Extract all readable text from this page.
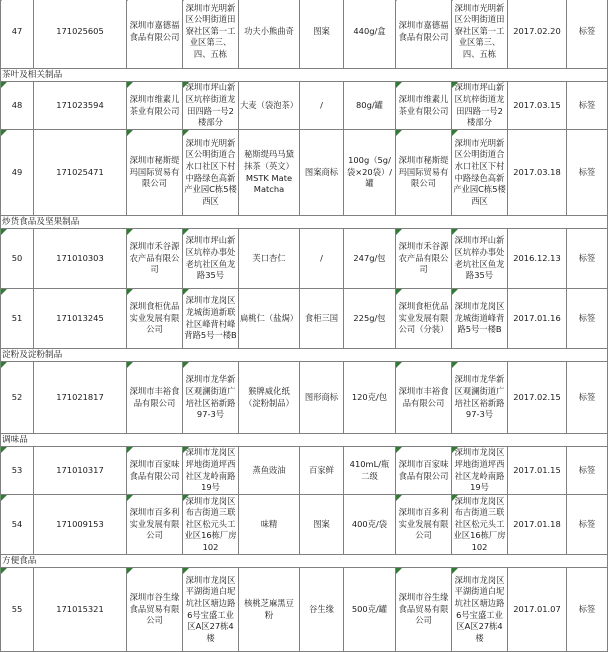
47	171025605	深圳市嘉德福食品有限公司	深圳市光明新区公明街道田寮社区第一工业区第三、四、五栋	功夫小熊曲奇	图案	440g/盒	深圳市嘉德福食品有限公司	深圳市光明新区公明街道田寮社区第一工业区第三、四、五栋	2017.02.20	标签
茶叶及相关制品										
48	171023594	深圳市维素儿茶业有限公司	深圳市坪山新区坑梓街道龙田四路一号2楼部分	大麦（袋泡茶）	/	80g/罐	深圳市维素儿茶业有限公司	深圳市坪山新区坑梓街道龙田四路一号2楼部分	2017.03.15	标签
49	171025471	深圳市秘斯缇玛国际贸易有限公司	深圳市光明新区公明街道合水口社区下村中路绿色高新产业园C栋5楼西区	秘斯缇玛马黛抹茶（英文）MSTK Mate Matcha	图案商标	100g（5g/袋×20袋）/罐	深圳市秘斯缇玛国际贸易有限公司	深圳市光明新区公明街道合水口社区下村中路绿色高新产业园C栋5楼西区	2017.03.18	标签
炒货食品及坚果制品										
50	171010303	深圳市禾谷源农产品有限公司	深圳市坪山新区坑梓办事处老坑社区鱼龙路35号	芙口杏仁	/	247g/包	深圳市禾谷源农产品有限公司	深圳市坪山新区坑梓办事处老坑社区鱼龙路35号	2016.12.13	标签
51	171013245	深圳食柜优品实业发展有限公司	深圳市龙岗区龙城街道新联社区峰背村峰背路5号一楼B	扁桃仁（盐焗）	食柜三国	225g/包	深圳食柜优品实业发展有限公司（分装）	深圳市龙岗区龙城街道峰背路5号一楼B	2017.01.16	标签
淀粉及淀粉制品										
52	171021817	深圳市丰裕食品有限公司	深圳市龙华新区观澜街道广培社区裕新路97-3号	猴牌威化纸（淀粉制品）	图形商标	120克/包	深圳市丰裕食品有限公司	深圳市龙华新区观澜街道广培社区裕新路97-3号	2017.02.15	标签
调味品										
53	171010317	深圳市百家味食品有限公司	深圳市龙岗区坪地街道坪西社区龙岭南路19号	蒸鱼豉油	百家鲜	410mL/瓶 二级	深圳市百家味食品有限公司	深圳市龙岗区坪地街道坪西社区龙岭南路19号	2017.01.15	标签
54	171009153	深圳市百多利实业发展有限公司	深圳市龙岗区布吉街道三联社区松元头工业区16栋厂房102	味精	图案	400克/袋	深圳市百多利实业发展有限公司	深圳市龙岗区布吉街道三联社区松元头工业区16栋厂房102	2017.01.18	标签
方便食品										
55	171015321	深圳市谷生缘食品贸易有限公司	深圳市龙岗区平湖街道白坭坑社区塘边路6号宝盛工业区A区27栋4楼	核桃芝麻黑豆粉	谷生缘	500克/罐	深圳市谷生缘食品贸易有限公司	深圳市龙岗区平湖街道白坭坑社区塘边路6号宝盛工业区A区27栋4楼	2017.01.07	标签
